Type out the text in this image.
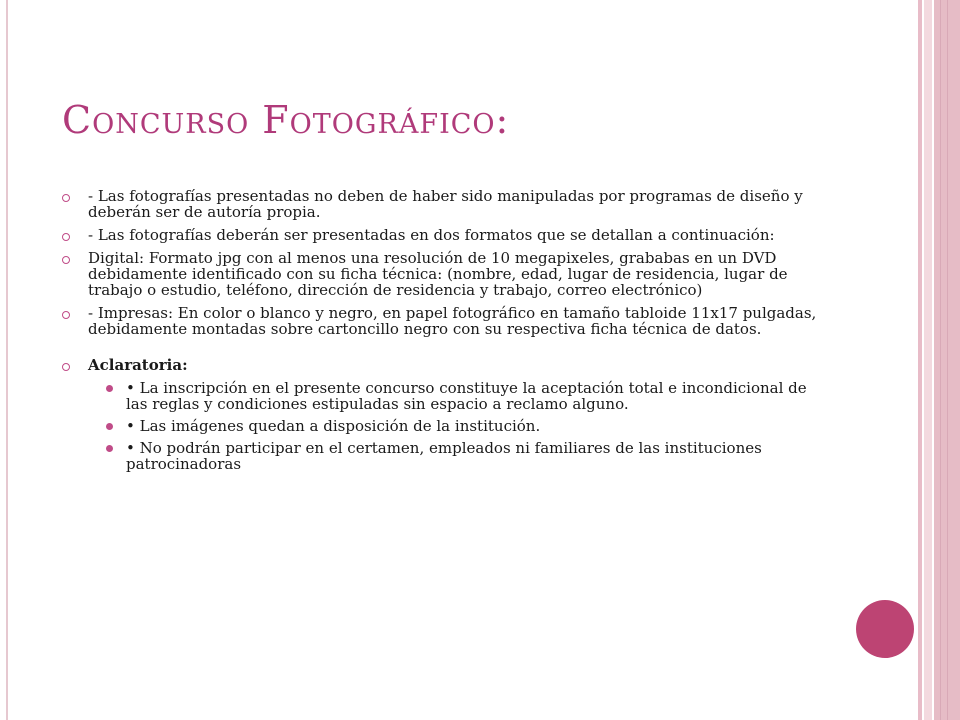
Concurso Fotográfico:
- Las fotografías presentadas no deben de haber sido manipuladas por programas de diseño y deberán ser de autoría propia.
- Las fotografías deberán ser presentadas en dos formatos que se detallan a continuación:
Digital: Formato jpg con al menos una resolución de 10 megapixeles, grababas en un DVD debidamente identificado con su ficha técnica: (nombre, edad, lugar de residencia, lugar de trabajo o estudio, teléfono, dirección de residencia y trabajo, correo electrónico)
- Impresas: En color o blanco y negro, en papel fotográfico en tamaño tabloide 11x17 pulgadas, debidamente montadas sobre cartoncillo negro con su respectiva ficha técnica de datos.
Aclaratoria:
• La inscripción en el presente concurso constituye la aceptación total e incondicional de las reglas y condiciones estipuladas sin espacio a reclamo alguno.
• Las imágenes quedan a disposición de la institución.
• No podrán participar en el certamen, empleados ni familiares de las instituciones patrocinadoras
